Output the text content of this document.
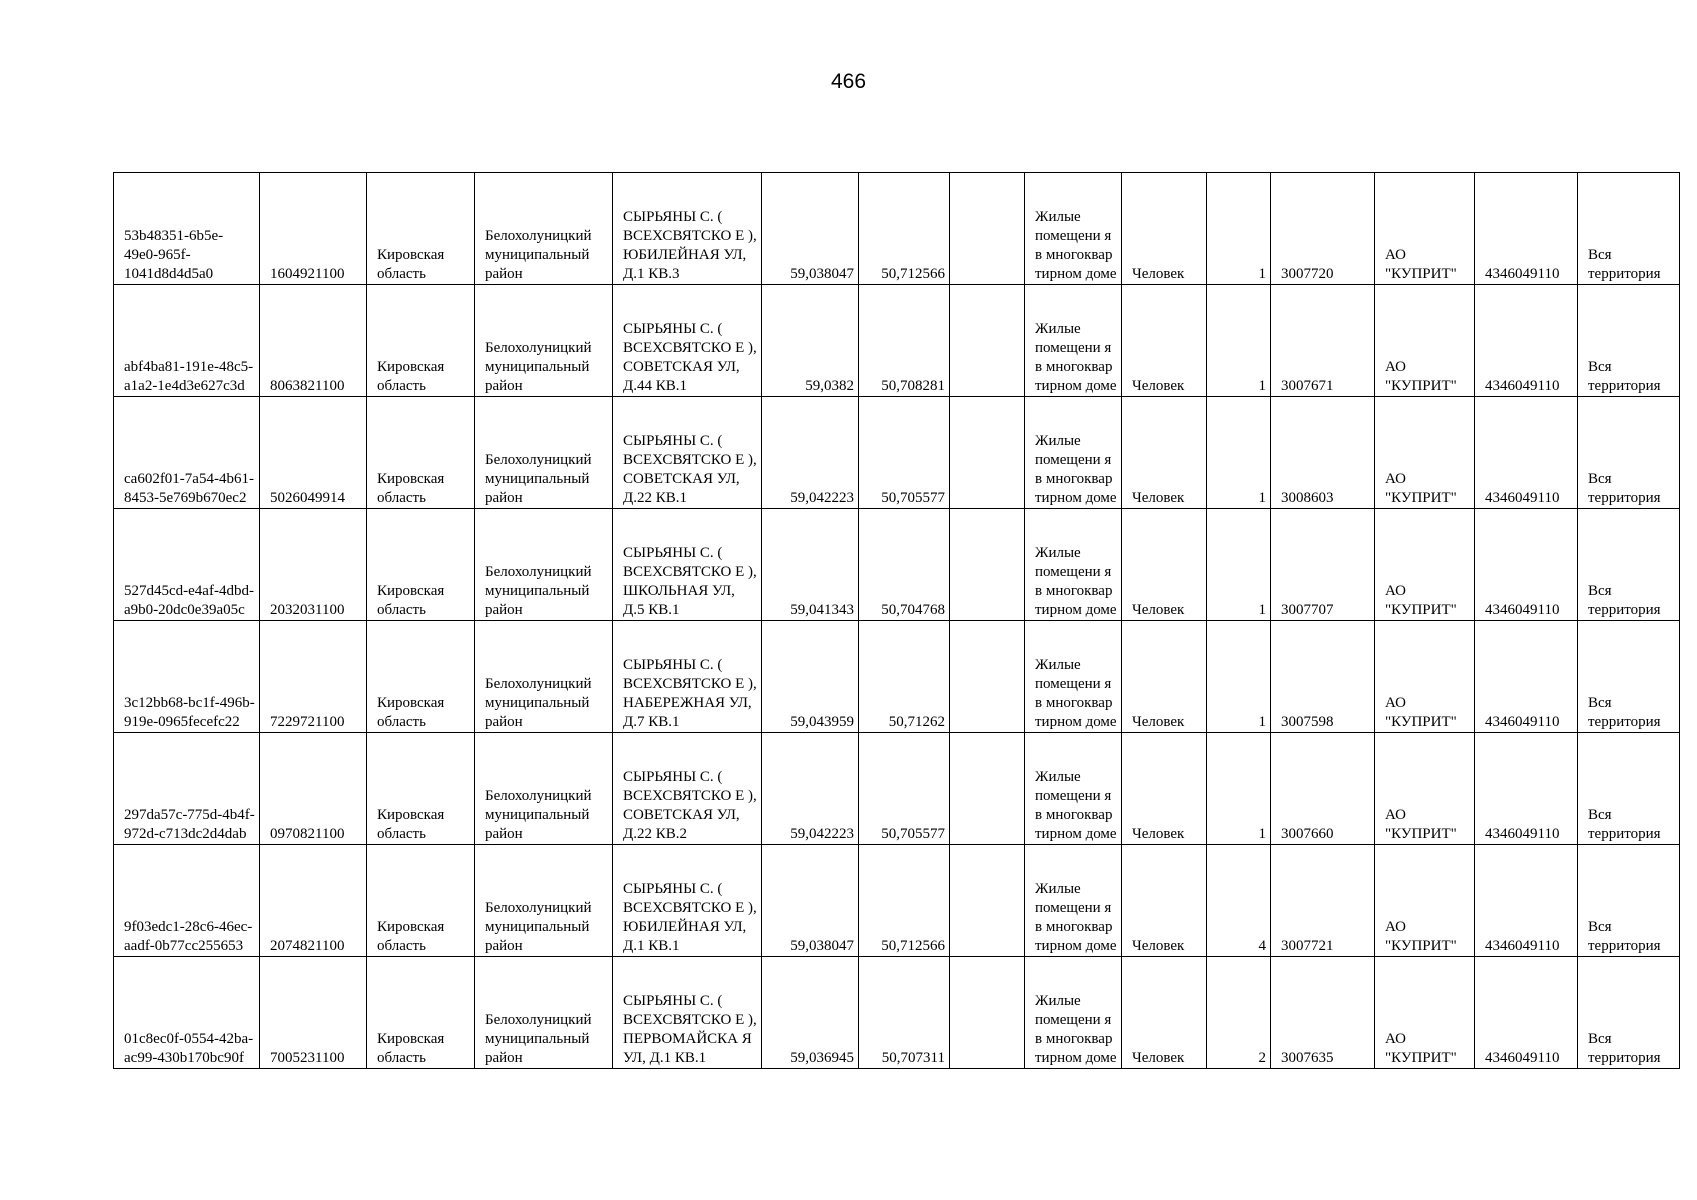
466
53b48351-6b5e-49e0-965f-1041d8d4d5a0	1604921100	Кировская область	Белохолуницкий муниципальный район	СЫРЬЯНЫ С. ( ВСЕХСВЯТСКО Е ), ЮБИЛЕЙНАЯ УЛ, Д.1 КВ.3	59,038047	50,712566		Жилые помещени я в многоквар тирном доме	Человек	1	3007720	АО "КУПРИТ"	4346049110	Вся территория
abf4ba81-191e-48c5-a1a2-1e4d3e627c3d	8063821100	Кировская область	Белохолуницкий муниципальный район	СЫРЬЯНЫ С. ( ВСЕХСВЯТСКО Е ), СОВЕТСКАЯ УЛ, Д.44 КВ.1	59,0382	50,708281		Жилые помещени я в многоквар тирном доме	Человек	1	3007671	АО "КУПРИТ"	4346049110	Вся территория
ca602f01-7a54-4b61-8453-5e769b670ec2	5026049914	Кировская область	Белохолуницкий муниципальный район	СЫРЬЯНЫ С. ( ВСЕХСВЯТСКО Е ), СОВЕТСКАЯ УЛ, Д.22 КВ.1	59,042223	50,705577		Жилые помещени я в многоквар тирном доме	Человек	1	3008603	АО "КУПРИТ"	4346049110	Вся территория
527d45cd-e4af-4dbd-a9b0-20dc0e39a05c	2032031100	Кировская область	Белохолуницкий муниципальный район	СЫРЬЯНЫ С. ( ВСЕХСВЯТСКО Е ), ШКОЛЬНАЯ УЛ, Д.5 КВ.1	59,041343	50,704768		Жилые помещени я в многоквар тирном доме	Человек	1	3007707	АО "КУПРИТ"	4346049110	Вся территория
3c12bb68-bc1f-496b-919e-0965fecefc22	7229721100	Кировская область	Белохолуницкий муниципальный район	СЫРЬЯНЫ С. ( ВСЕХСВЯТСКО Е ), НАБЕРЕЖНАЯ УЛ, Д.7 КВ.1	59,043959	50,71262		Жилые помещени я в многоквар тирном доме	Человек	1	3007598	АО "КУПРИТ"	4346049110	Вся территория
297da57c-775d-4b4f-972d-c713dc2d4dab	0970821100	Кировская область	Белохолуницкий муниципальный район	СЫРЬЯНЫ С. ( ВСЕХСВЯТСКО Е ), СОВЕТСКАЯ УЛ, Д.22 КВ.2	59,042223	50,705577		Жилые помещени я в многоквар тирном доме	Человек	1	3007660	АО "КУПРИТ"	4346049110	Вся территория
9f03edc1-28c6-46ec-aadf-0b77cc255653	2074821100	Кировская область	Белохолуницкий муниципальный район	СЫРЬЯНЫ С. ( ВСЕХСВЯТСКО Е ), ЮБИЛЕЙНАЯ УЛ, Д.1 КВ.1	59,038047	50,712566		Жилые помещени я в многоквар тирном доме	Человек	4	3007721	АО "КУПРИТ"	4346049110	Вся территория
01c8ec0f-0554-42ba-ac99-430b170bc90f	7005231100	Кировская область	Белохолуницкий муниципальный район	СЫРЬЯНЫ С. ( ВСЕХСВЯТСКО Е ), ПЕРВОМАЙСКА Я УЛ, Д.1 КВ.1	59,036945	50,707311		Жилые помещени я в многоквар тирном доме	Человек	2	3007635	АО "КУПРИТ"	4346049110	Вся территория
